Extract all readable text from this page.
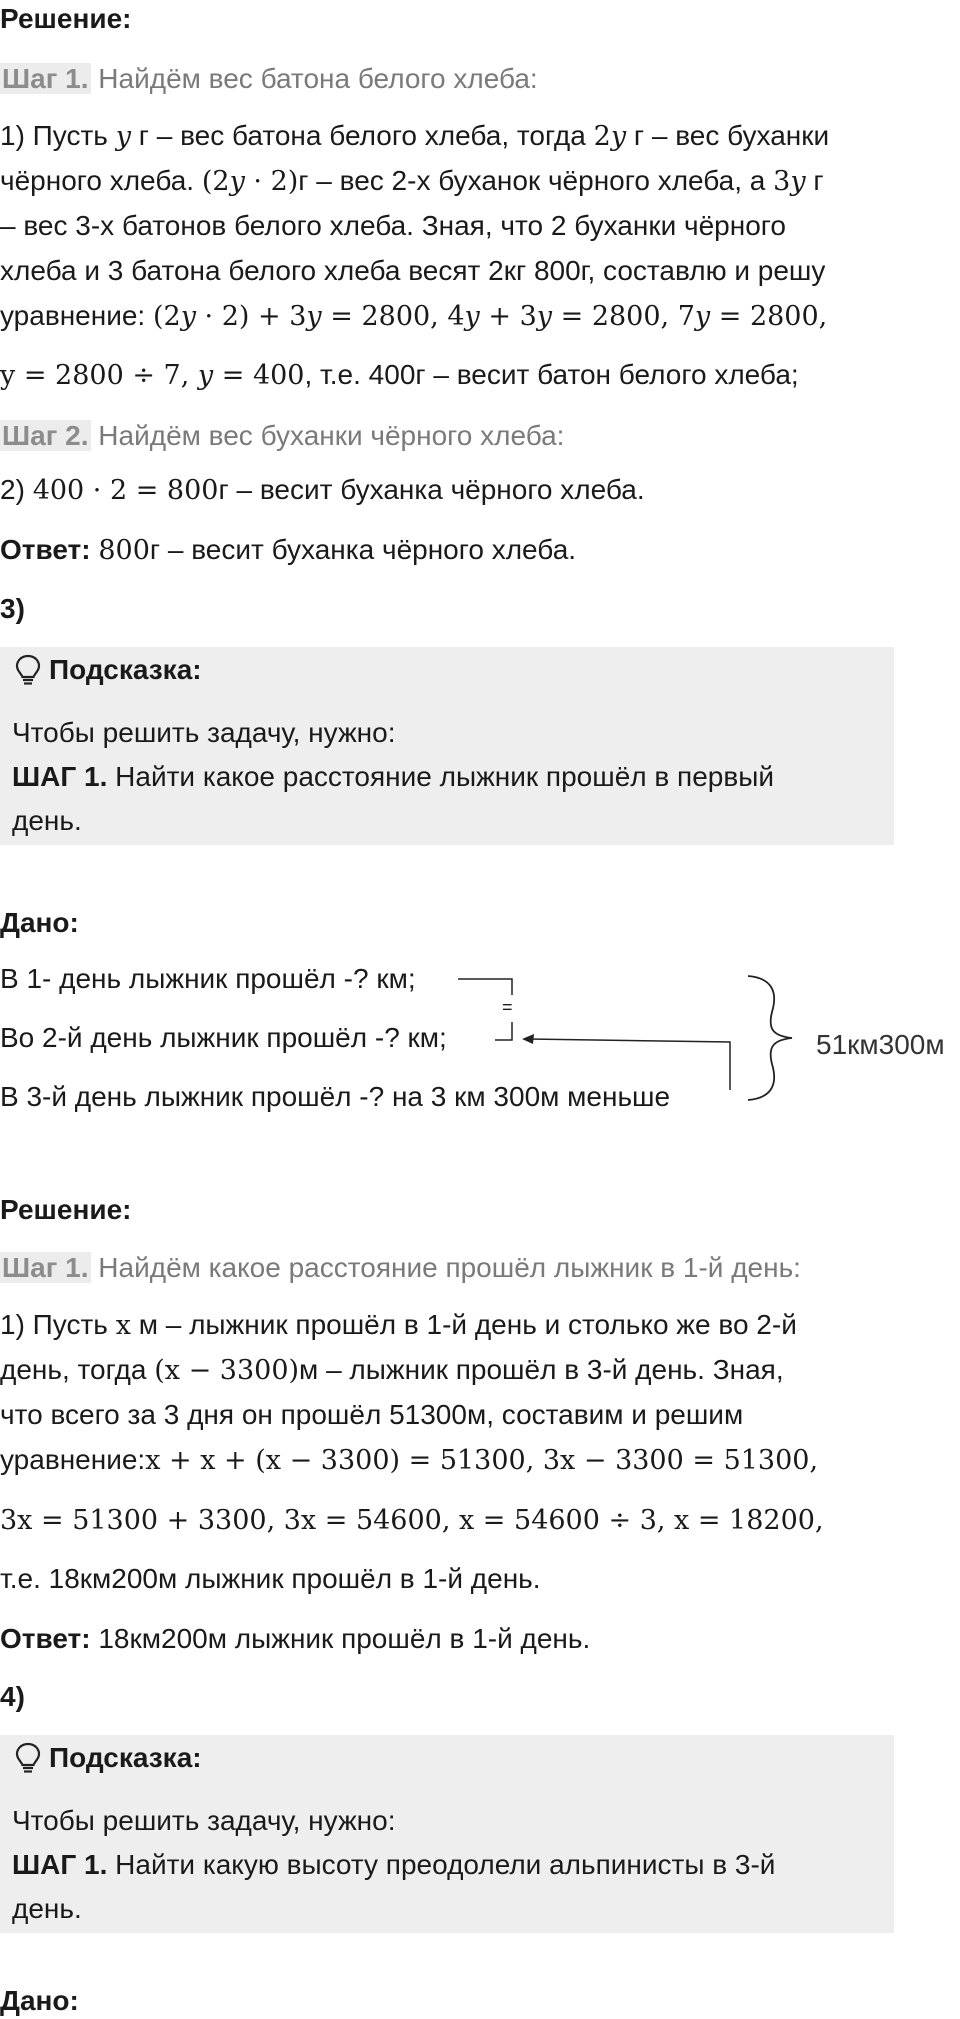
Решение:
Шаг 1. Найдём вес батона белого хлеба:
1) Пусть y г – вес батона белого хлеба, тогда 2y г – вес буханки
чёрного хлеба. (2y · 2)г – вес 2-х буханок чёрного хлеба, а 3y г
– вес 3-х батонов белого хлеба. Зная, что 2 буханки чёрного
хлеба и 3 батона белого хлеба весят 2кг 800г, составлю и решу
уравнение: (2y · 2) + 3y = 2800, 4y + 3y = 2800, 7y = 2800,
y = 2800 ÷ 7, y = 400, т.е. 400г – весит батон белого хлеба;
Шаг 2. Найдём вес буханки чёрного хлеба:
2) 400 · 2 = 800г – весит буханка чёрного хлеба.
Ответ: 800г – весит буханка чёрного хлеба.
3)
Подсказка:
Чтобы решить задачу, нужно:
ШАГ 1. Найти какое расстояние лыжник прошёл в первый
день.
Дано:
В 1- день лыжник прошёл -? км;
Во 2-й день лыжник прошёл -? км;
В 3-й день лыжник прошёл -? на 3 км 300м меньше
51км300м
=
Решение:
Шаг 1. Найдём какое расстояние прошёл лыжник в 1-й день:
1) Пусть x м – лыжник прошёл в 1-й день и столько же во 2-й
день, тогда (x − 3300)м – лыжник прошёл в 3-й день. Зная,
что всего за 3 дня он прошёл 51300м, составим и решим
уравнение:x + x + (x − 3300) = 51300, 3x − 3300 = 51300,
3x = 51300 + 3300, 3x = 54600, x = 54600 ÷ 3, x = 18200,
т.е. 18км200м лыжник прошёл в 1-й день.
Ответ: 18км200м лыжник прошёл в 1-й день.
4)
Подсказка:
Чтобы решить задачу, нужно:
ШАГ 1. Найти какую высоту преодолели альпинисты в 3-й
день.
Дано:
